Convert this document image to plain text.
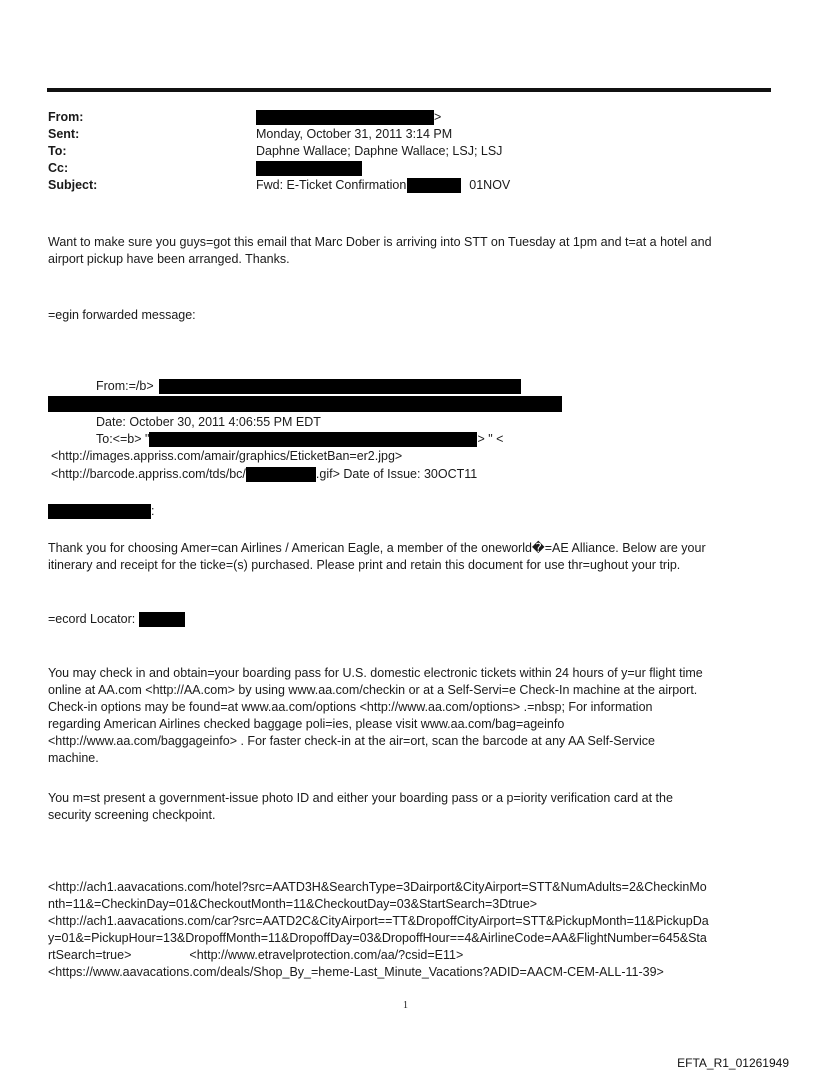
From:	>
Sent:	Monday, October 31, 2011 3:14 PM
To:	Daphne Wallace; Daphne Wallace; LSJ; LSJ
Cc:
Subject:	Fwd: E-Ticket Confirmation	01NOV
Want to make sure you guys=got this email that Marc Dober is arriving into STT on Tuesday at 1pm and t=at a hotel and
airport pickup have been arranged. Thanks.
=egin forwarded message:
From:=/b>
Date: October 30, 2011 4:06:55 PM EDT
To:<=b> "	> " <
<http://images.appriss.com/amair/graphics/EticketBan=er2.jpg>
<http://barcode.appriss.com/tds/bc/	.gif> Date of Issue: 30OCT11
:
Thank you for choosing Amer=can Airlines / American Eagle, a member of the oneworld�=AE Alliance. Below are your
itinerary and receipt for the ticke=(s) purchased. Please print and retain this document for use thr=ughout your trip.
=ecord Locator:
You may check in and obtain=your boarding pass for U.S. domestic electronic tickets within 24 hours of y=ur flight time
online at AA.com <http://AA.com> by using www.aa.com/checkin or at a Self-Servi=e Check-In machine at the airport.
Check-in options may be found=at www.aa.com/options <http://www.aa.com/options> .=nbsp; For information
regarding American Airlines checked baggage poli=ies, please visit www.aa.com/bag=ageinfo
<http://www.aa.com/baggageinfo> . For faster check-in at the air=ort, scan the barcode at any AA Self-Service
machine.
You m=st present a government-issue photo ID and either your boarding pass or a p=iority verification card at the
security screening checkpoint.
<http://ach1.aavacations.com/hotel?src=AATD3H&SearchType=3Dairport&CityAirport=STT&NumAdults=2&CheckinMo
nth=11&=CheckinDay=01&CheckoutMonth=11&CheckoutDay=03&StartSearch=3Dtrue>
<http://ach1.aavacations.com/car?src=AATD2C&CityAirport==TT&DropoffCityAirport=STT&PickupMonth=11&PickupDa
y=01&=PickupHour=13&DropoffMonth=11&DropoffDay=03&DropoffHour==4&AirlineCode=AA&FlightNumber=645&Sta
rtSearch=true>	<http://www.etravelprotection.com/aa/?csid=E11>
<https://www.aavacations.com/deals/Shop_By_=heme-Last_Minute_Vacations?ADID=AACM-CEM-ALL-11-39>
1
EFTA_R1_01261949
